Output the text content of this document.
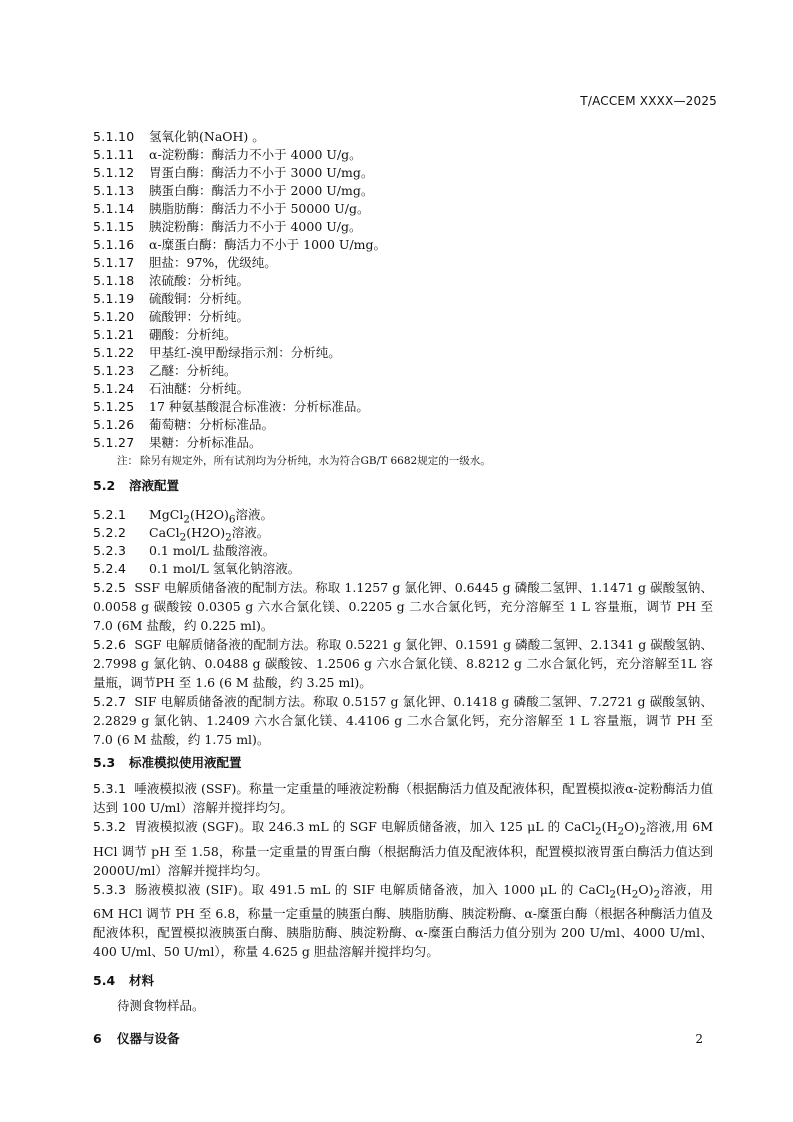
T/ACCEM XXXX—2025
5.1.10 氢氧化钠(NaOH) 。
5.1.11 α-淀粉酶：酶活力不小于 4000 U/g。
5.1.12 胃蛋白酶：酶活力不小于 3000 U/mg。
5.1.13 胰蛋白酶：酶活力不小于 2000 U/mg。
5.1.14 胰脂肪酶：酶活力不小于 50000 U/g。
5.1.15 胰淀粉酶：酶活力不小于 4000 U/g。
5.1.16 α-糜蛋白酶：酶活力不小于 1000 U/mg。
5.1.17 胆盐：97%，优级纯。
5.1.18 浓硫酸：分析纯。
5.1.19 硫酸铜：分析纯。
5.1.20 硫酸钾：分析纯。
5.1.21 硼酸：分析纯。
5.1.22 甲基红-溴甲酚绿指示剂：分析纯。
5.1.23 乙醚：分析纯。
5.1.24 石油醚：分析纯。
5.1.25 17 种氨基酸混合标准液：分析标准品。
5.1.26 葡萄糖：分析标准品。
5.1.27 果糖：分析标准品。
注： 除另有规定外，所有试剂均为分析纯，水为符合GB/T 6682规定的一级水。
5.2 溶液配置
5.2.1 $MgCl_2(H2O)_6$溶液。
5.2.2 $CaCl_2(H2O)_2$溶液。
5.2.3 0.1 mol/L 盐酸溶液。
5.2.4 0.1 mol/L 氢氧化钠溶液。
5.2.5 SSF 电解质储备液的配制方法。称取 1.1257 g 氯化钾、0.6445 g 磷酸二氢钾、1.1471 g 碳酸氢钠、0.0058 g 碳酸铵 0.0305 g 六水合氯化镁、0.2205 g 二水合氯化钙，充分溶解至 1 L 容量瓶，调节 PH 至 7.0 (6M 盐酸，约 0.225 ml)。
5.2.6 SGF 电解质储备液的配制方法。称取 0.5221 g 氯化钾、0.1591 g 磷酸二氢钾、2.1341 g 碳酸氢钠、2.7998 g 氯化钠、0.0488 g 碳酸铵、1.2506 g 六水合氯化镁、8.8212 g 二水合氯化钙，充分溶解至1L 容量瓶，调节PH 至 1.6 (6 M 盐酸，约 3.25 ml)。
5.2.7 SIF 电解质储备液的配制方法。称取 0.5157 g 氯化钾、0.1418 g 磷酸二氢钾、7.2721 g 碳酸氢钠、2.2829 g 氯化钠、1.2409 六水合氯化镁、4.4106 g 二水合氯化钙，充分溶解至 1 L 容量瓶，调节 PH 至 7.0 (6 M 盐酸，约 1.75 ml)。
5.3 标准模拟使用液配置
5.3.1 唾液模拟液 (SSF)。称量一定重量的唾液淀粉酶（根据酶活力值及配液体积，配置模拟液α-淀粉酶活力值达到 100 U/ml）溶解并搅拌均匀。
5.3.2 胃液模拟液 (SGF)。取 246.3 mL 的 SGF 电解质储备液，加入 125 μL 的 $CaCl_2(H_2O)_2$溶液,用 6M HCl 调节 pH 至 1.58，称量一定重量的胃蛋白酶（根据酶活力值及配液体积，配置模拟液胃蛋白酶活力值达到 2000U/ml）溶解并搅拌均匀。
5.3.3 肠液模拟液 (SIF)。取 491.5 mL 的 SIF 电解质储备液，加入 1000 μL 的 $CaCl_2(H_2O)_2$溶液，用 6M HCl 调节 PH 至 6.8，称量一定重量的胰蛋白酶、胰脂肪酶、胰淀粉酶、α-糜蛋白酶（根据各种酶活力值及配液体积，配置模拟液胰蛋白酶、胰脂肪酶、胰淀粉酶、α-糜蛋白酶活力值分别为 200 U/ml、4000 U/ml、400 U/ml、50 U/ml），称量 4.625 g 胆盐溶解并搅拌均匀。
5.4 材料
待测食物样品。
6 仪器与设备	2
